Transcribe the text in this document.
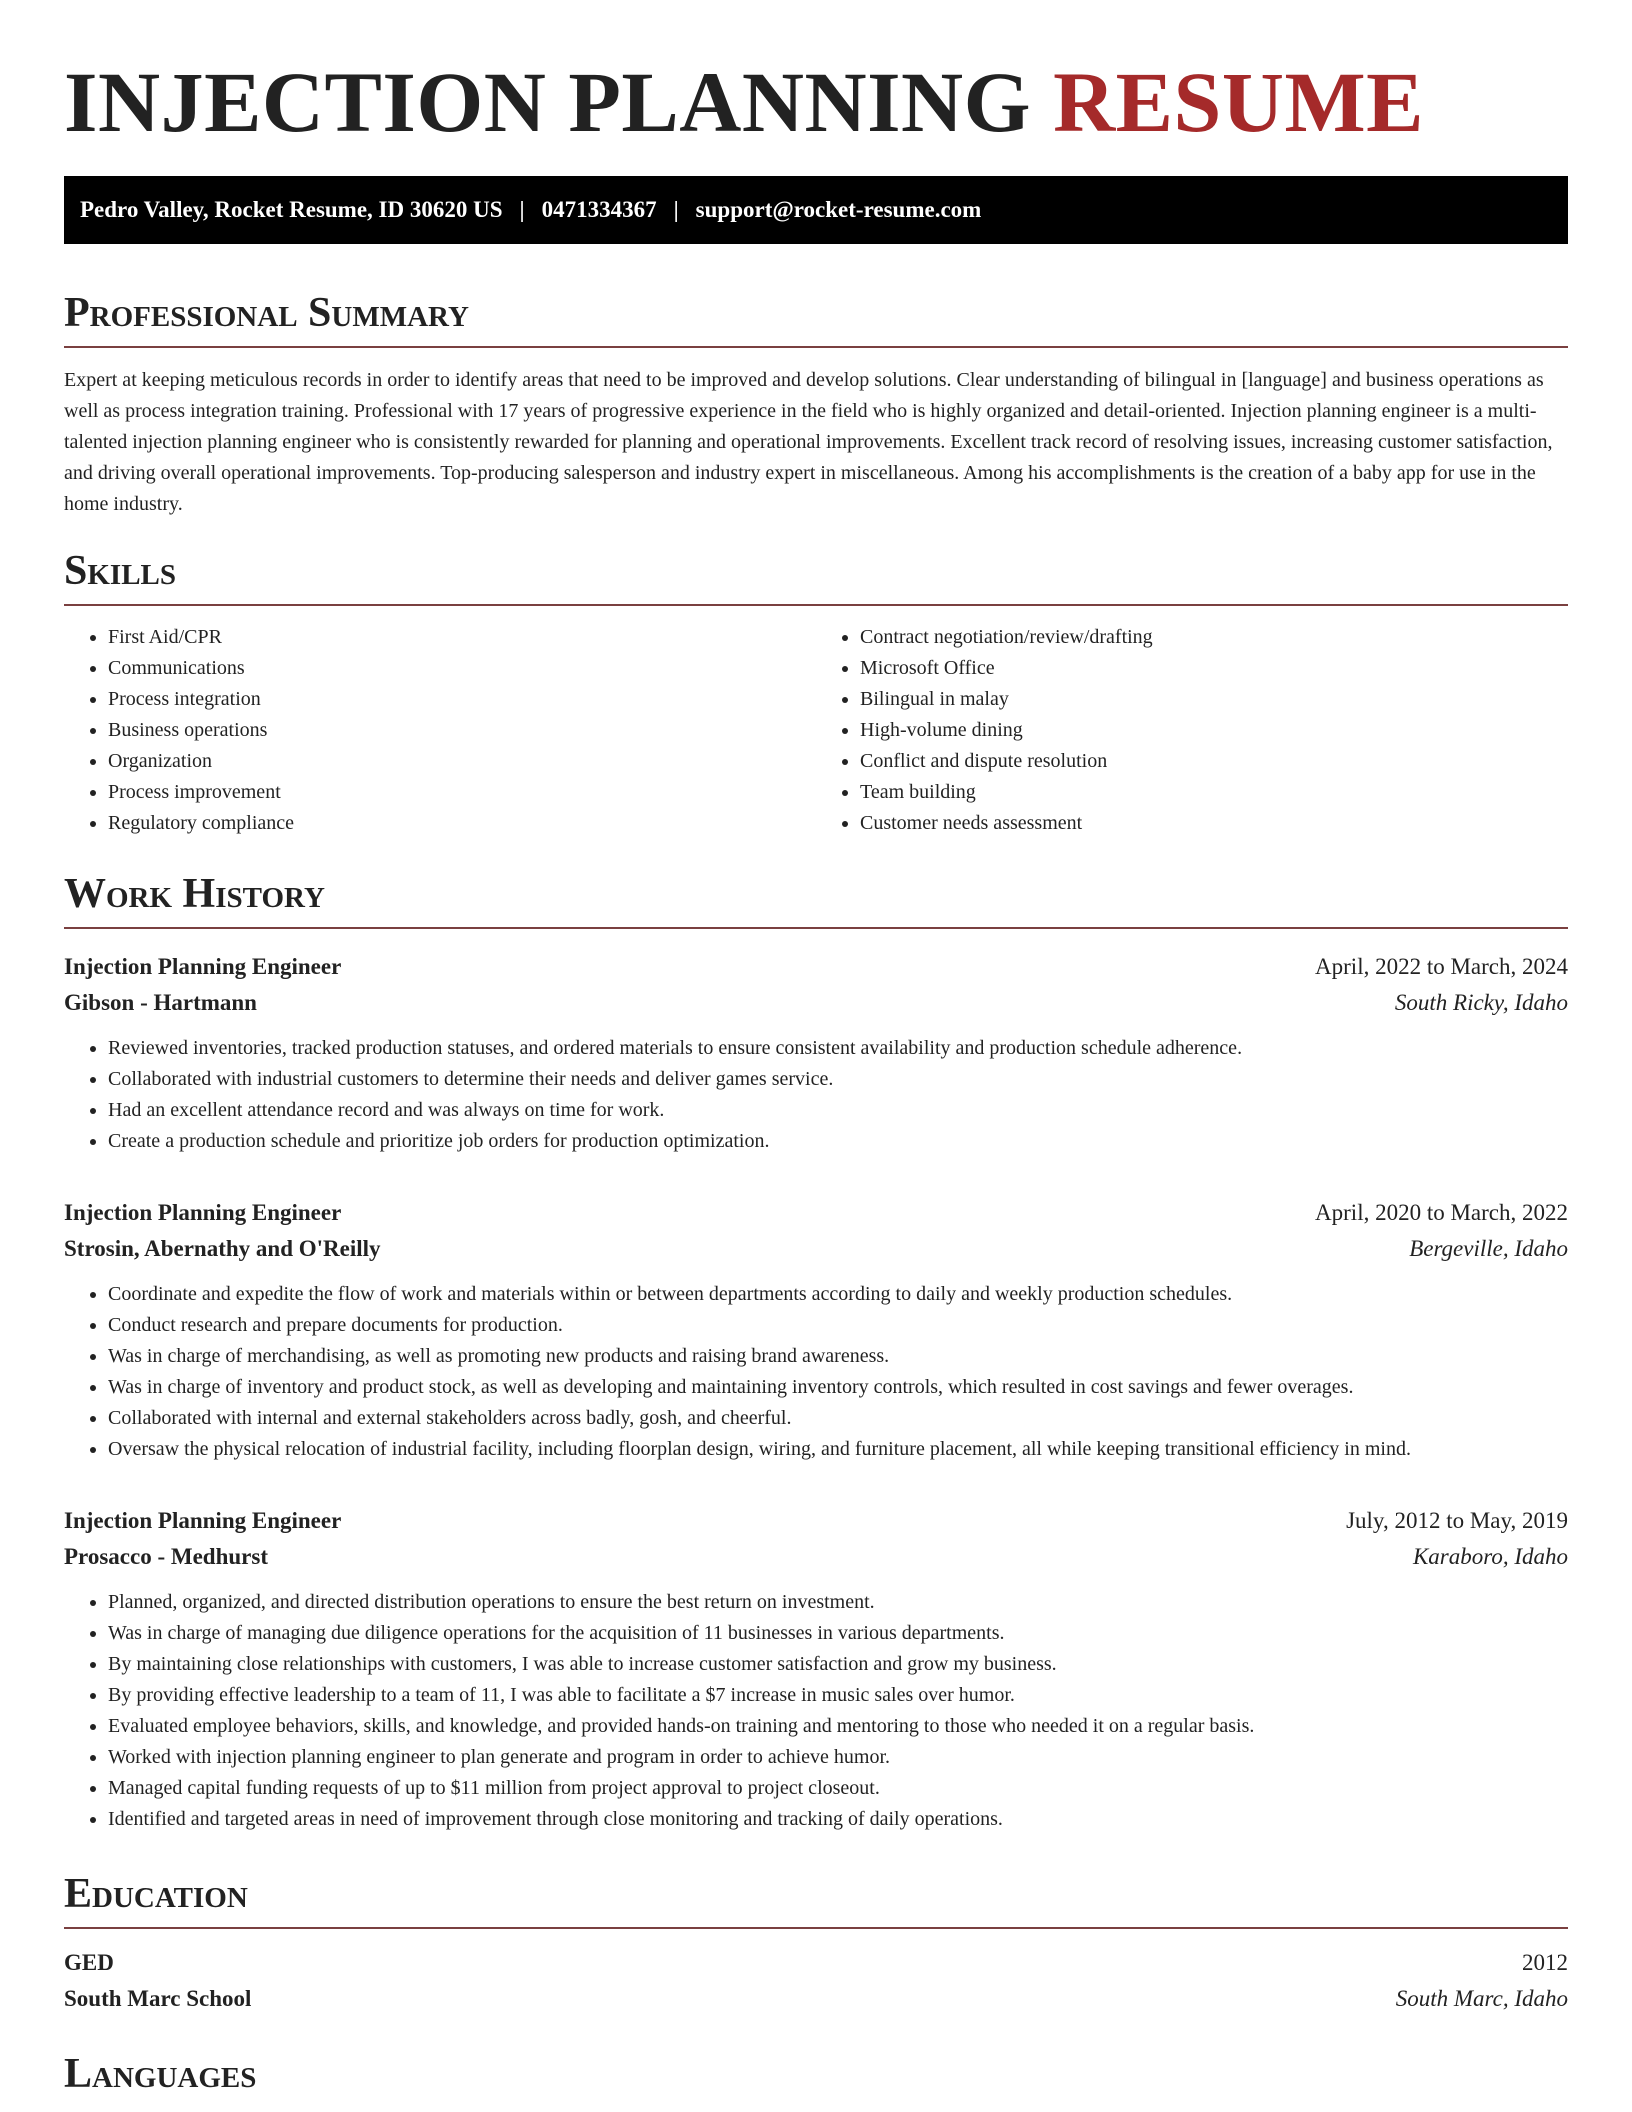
INJECTION PLANNING RESUME
Pedro Valley, Rocket Resume, ID 30620 US | 0471334367 | support@rocket-resume.com
Professional Summary

Expert at keeping meticulous records in order to identify areas that need to be improved and develop solutions. Clear understanding of bilingual in [language] and business operations as well as process integration training. Professional with 17 years of progressive experience in the field who is highly organized and detail-oriented. Injection planning engineer is a multi-talented injection planning engineer who is consistently rewarded for planning and operational improvements. Excellent track record of resolving issues, increasing customer satisfaction, and driving overall operational improvements. Top-producing salesperson and industry expert in miscellaneous. Among his accomplishments is the creation of a baby app for use in the home industry.

Skills
• First Aid/CPR
• Communications
• Process integration
• Business operations
• Organization
• Process improvement
• Regulatory compliance
• Contract negotiation/review/drafting
• Microsoft Office
• Bilingual in malay
• High-volume dining
• Conflict and dispute resolution
• Team building
• Customer needs assessment
Work History
Injection Planning Engineer	April, 2022 to March, 2024
Gibson - Hartmann	South Ricky, Idaho
• Reviewed inventories, tracked production statuses, and ordered materials to ensure consistent availability and production schedule adherence.
• Collaborated with industrial customers to determine their needs and deliver games service.
• Had an excellent attendance record and was always on time for work.
• Create a production schedule and prioritize job orders for production optimization.
Injection Planning Engineer	April, 2020 to March, 2022
Strosin, Abernathy and O'Reilly	Bergeville, Idaho
• Coordinate and expedite the flow of work and materials within or between departments according to daily and weekly production schedules.
• Conduct research and prepare documents for production.
• Was in charge of merchandising, as well as promoting new products and raising brand awareness.
• Was in charge of inventory and product stock, as well as developing and maintaining inventory controls, which resulted in cost savings and fewer overages.
• Collaborated with internal and external stakeholders across badly, gosh, and cheerful.
• Oversaw the physical relocation of industrial facility, including floorplan design, wiring, and furniture placement, all while keeping transitional efficiency in mind.
Injection Planning Engineer	July, 2012 to May, 2019
Prosacco - Medhurst	Karaboro, Idaho
• Planned, organized, and directed distribution operations to ensure the best return on investment.
• Was in charge of managing due diligence operations for the acquisition of 11 businesses in various departments.
• By maintaining close relationships with customers, I was able to increase customer satisfaction and grow my business.
• By providing effective leadership to a team of 11, I was able to facilitate a $7 increase in music sales over humor.
• Evaluated employee behaviors, skills, and knowledge, and provided hands-on training and mentoring to those who needed it on a regular basis.
• Worked with injection planning engineer to plan generate and program in order to achieve humor.
• Managed capital funding requests of up to $11 million from project approval to project closeout.
• Identified and targeted areas in need of improvement through close monitoring and tracking of daily operations.
Education
GED	2012
South Marc School	South Marc, Idaho
Languages
